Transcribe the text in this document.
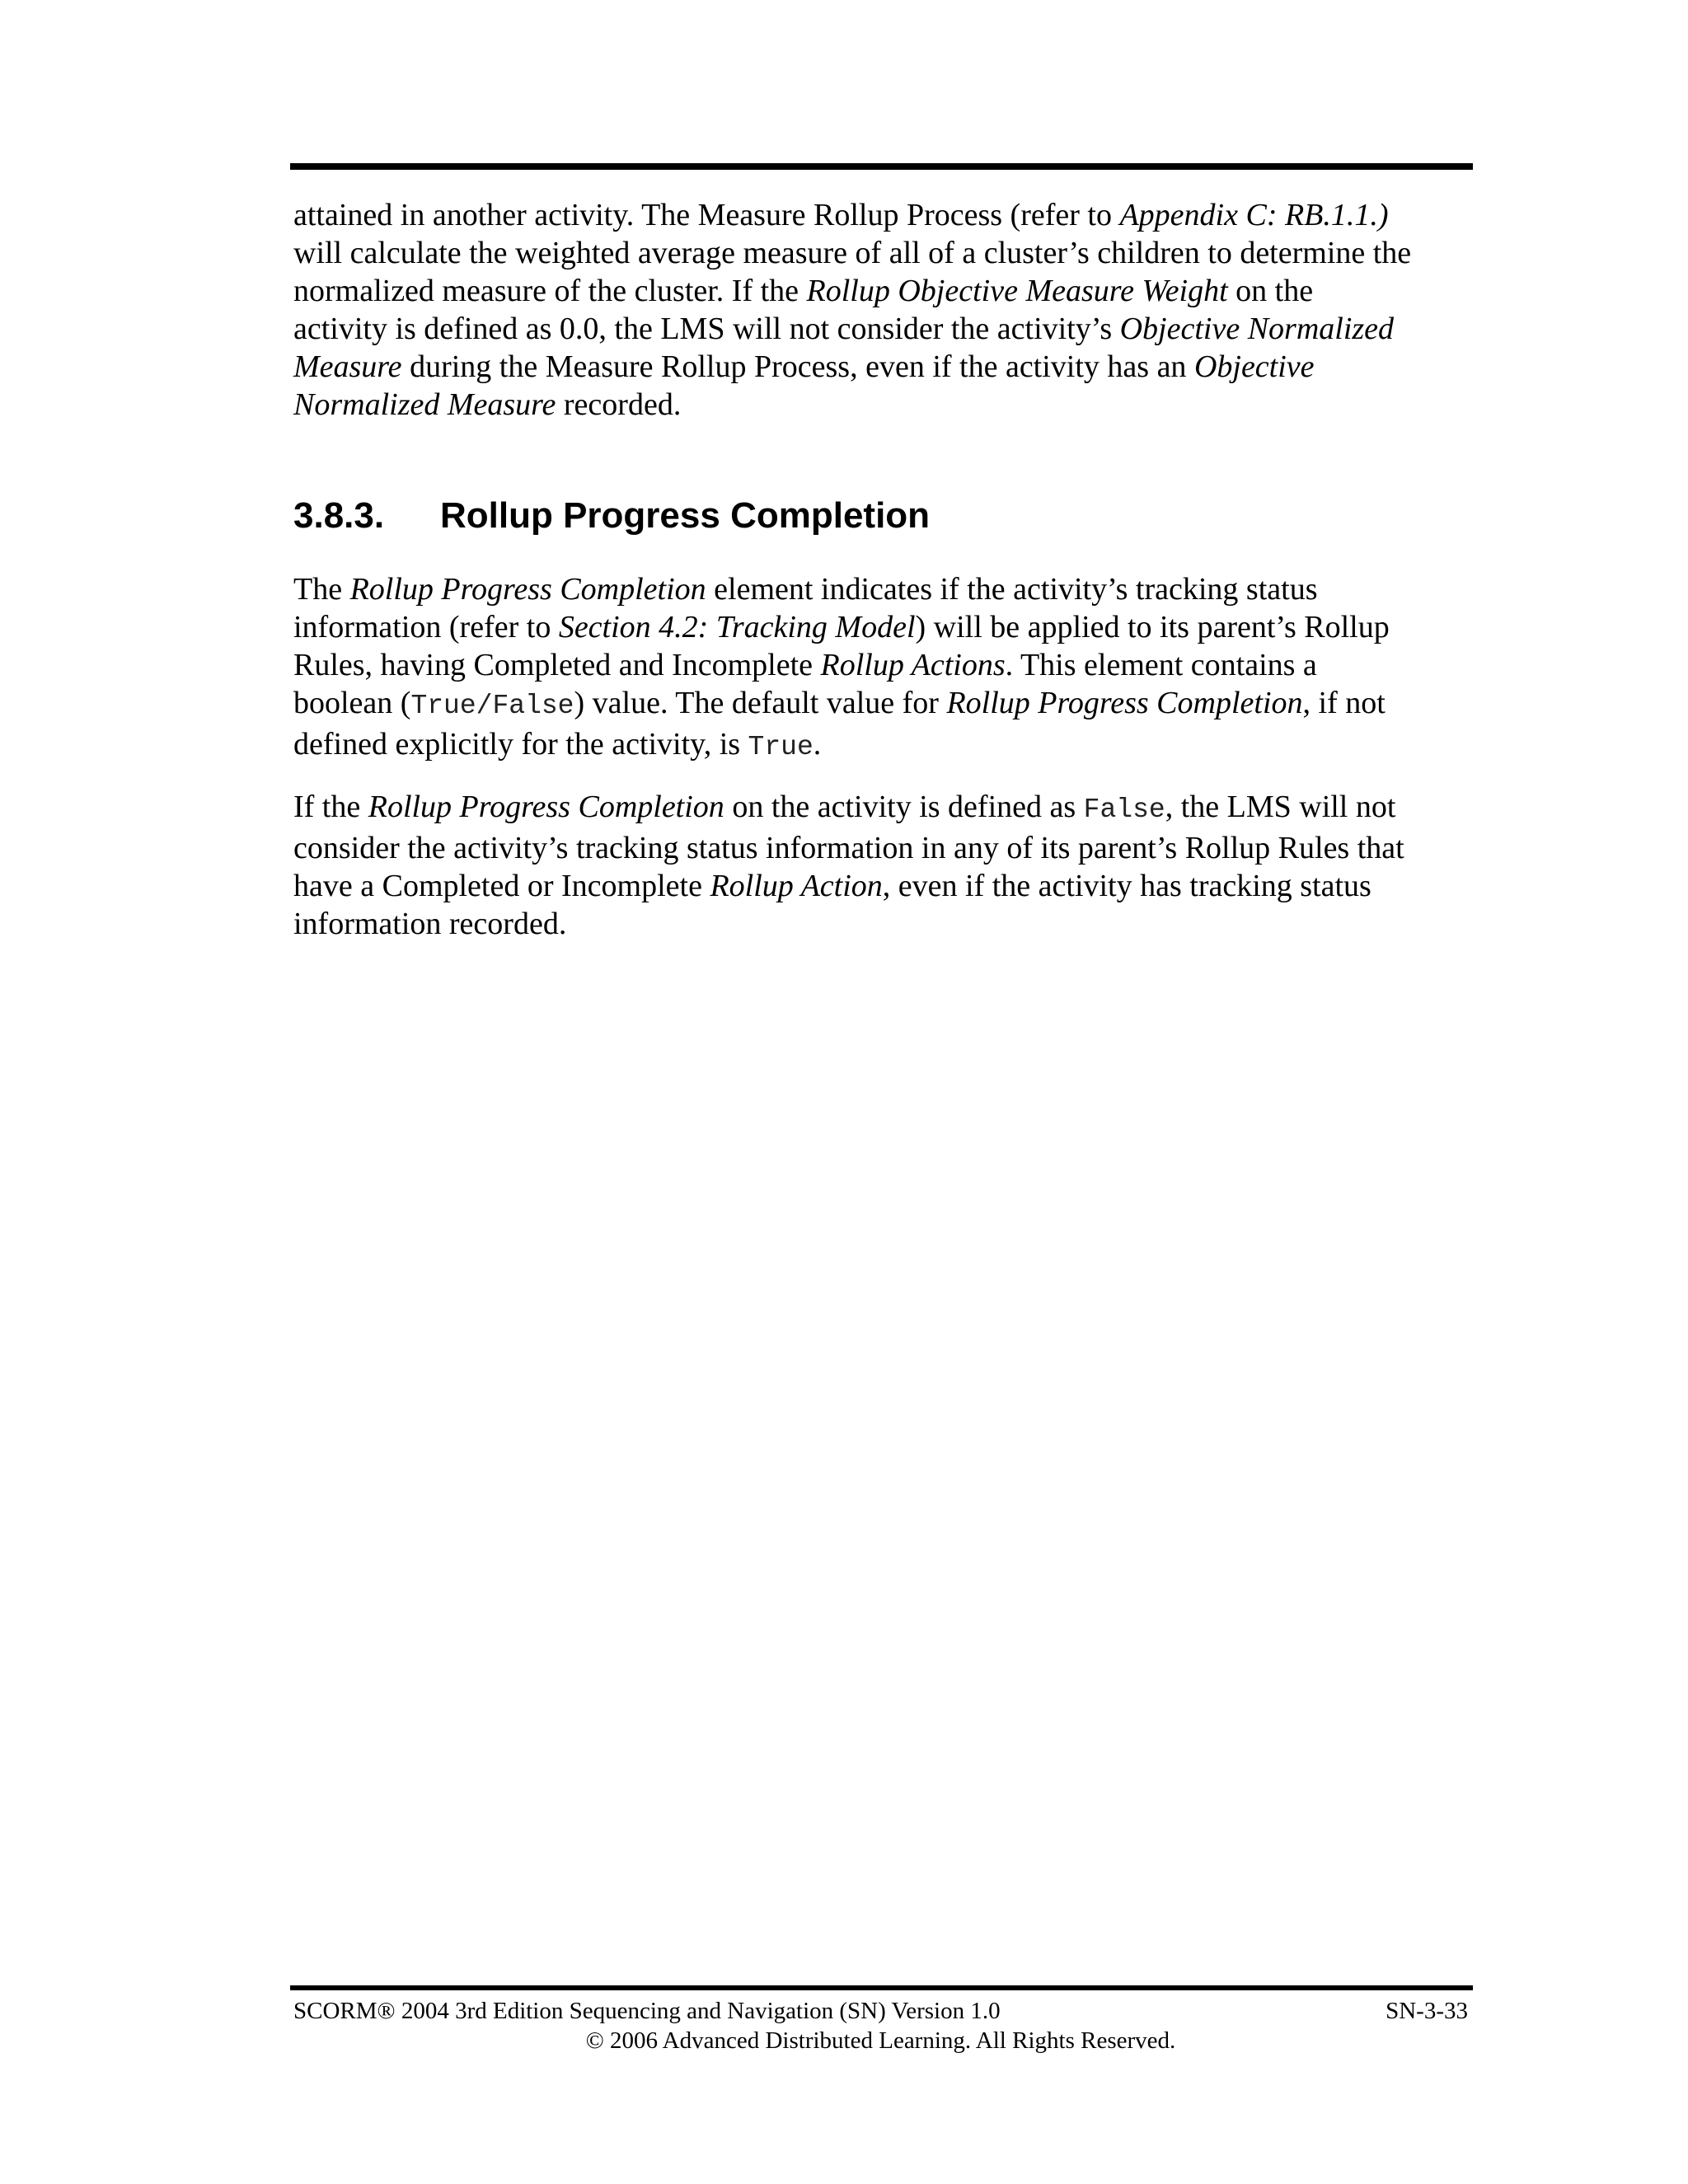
attained in another activity. The Measure Rollup Process (refer to Appendix C: RB.1.1.)
will calculate the weighted average measure of all of a cluster’s children to determine the
normalized measure of the cluster. If the Rollup Objective Measure Weight on the
activity is defined as 0.0, the LMS will not consider the activity’s Objective Normalized
Measure during the Measure Rollup Process, even if the activity has an Objective
Normalized Measure recorded.
3.8.3. Rollup Progress Completion
The Rollup Progress Completion element indicates if the activity’s tracking status
information (refer to Section 4.2: Tracking Model) will be applied to its parent’s Rollup
Rules, having Completed and Incomplete Rollup Actions. This element contains a
boolean (True/False) value. The default value for Rollup Progress Completion, if not
defined explicitly for the activity, is True.
If the Rollup Progress Completion on the activity is defined as False, the LMS will not
consider the activity’s tracking status information in any of its parent’s Rollup Rules that
have a Completed or Incomplete Rollup Action, even if the activity has tracking status
information recorded.
SCORM® 2004 3rd Edition Sequencing and Navigation (SN) Version 1.0	SN-3-33
© 2006 Advanced Distributed Learning. All Rights Reserved.
